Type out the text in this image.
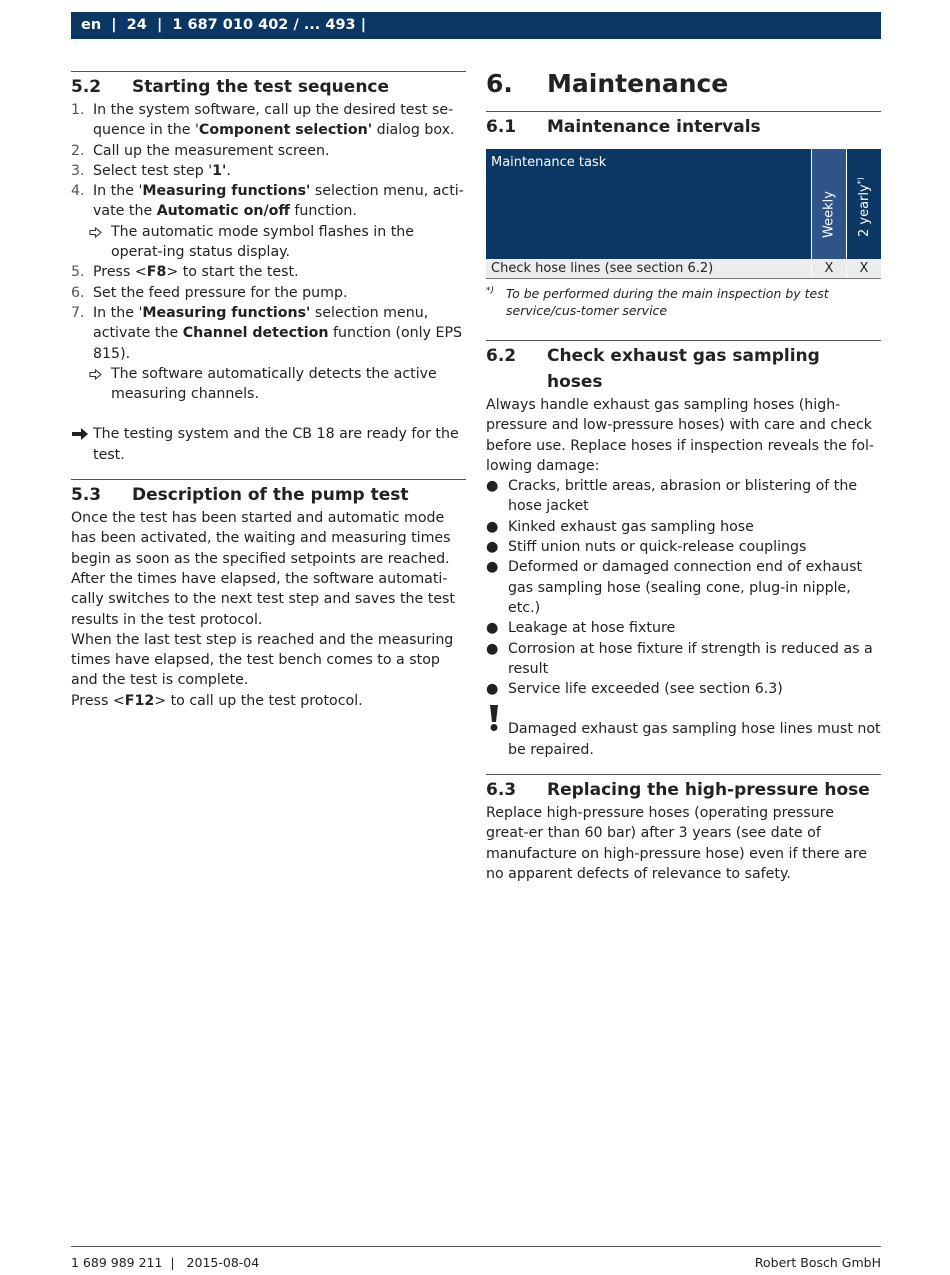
en  |  24  |  1 687 010 402 / ... 493 |
5.2	Starting the test sequence
1. In the system software, call up the desired test se-quence in the 'Component selection' dialog box.
2. Call up the measurement screen.
3. Select test step '1'.
4. In the 'Measuring functions' selection menu, acti-vate the Automatic on/off function.
The automatic mode symbol flashes in the operat-ing status display.
5. Press <F8> to start the test.
6. Set the feed pressure for the pump.
7. In the 'Measuring functions' selection menu, activate the Channel detection function (only EPS 815).
The software automatically detects the active measuring channels.
The testing system and the CB 18 are ready for the test.
5.3	Description of the pump test
Once the test has been started and automatic mode has been activated, the waiting and measuring times begin as soon as the specified setpoints are reached. After the times have elapsed, the software automati-cally switches to the next test step and saves the test results in the test protocol.
When the last test step is reached and the measuring times have elapsed, the test bench comes to a stop and the test is complete.
Press <F12> to call up the test protocol.
6.	Maintenance
6.1	Maintenance intervals
Maintenance task	Weekly	2 yearly*)

Check hose lines (see section 6.2)	X	X
*) To be performed during the main inspection by test service/cus-tomer service
6.2	Check exhaust gas sampling hoses
Always handle exhaust gas sampling hoses (high-pressure and low-pressure hoses) with care and check before use. Replace hoses if inspection reveals the fol-lowing damage:
● Cracks, brittle areas, abrasion or blistering of the hose jacket
● Kinked exhaust gas sampling hose
● Stiff union nuts or quick-release couplings
● Deformed or damaged connection end of exhaust gas sampling hose (sealing cone, plug-in nipple, etc.)
● Leakage at hose fixture
● Corrosion at hose fixture if strength is reduced as a result
● Service life exceeded (see section 6.3)
Damaged exhaust gas sampling hose lines must not be repaired.
6.3	Replacing the high-pressure hose
Replace high-pressure hoses (operating pressure great-er than 60 bar) after 3 years (see date of manufacture on high-pressure hose) even if there are no apparent defects of relevance to safety.
1 689 989 211  |   2015-08-04	Robert Bosch GmbH
